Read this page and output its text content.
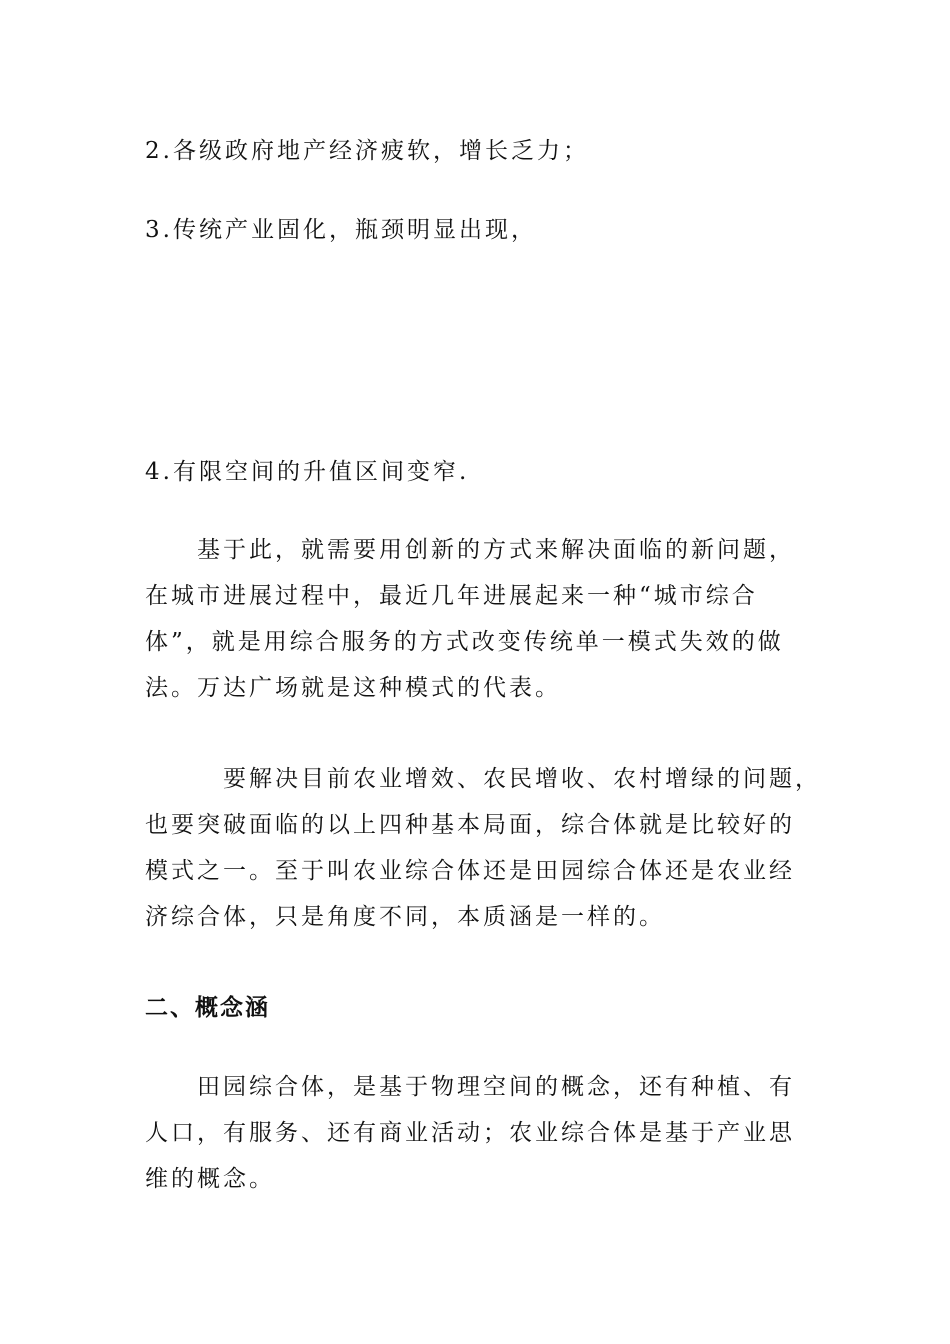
2.各级政府地产经济疲软，增长乏力；
3.传统产业固化，瓶颈明显出现，
4.有限空间的升值区间变窄.
基于此，就需要用创新的方式来解决面临的新问题，
在城市进展过程中，最近几年进展起来一种“城市综合
体”，就是用综合服务的方式改变传统单一模式失效的做
法。万达广场就是这种模式的代表。
要解决目前农业增效、农民增收、农村增绿的问题，
也要突破面临的以上四种基本局面，综合体就是比较好的
模式之一。至于叫农业综合体还是田园综合体还是农业经
济综合体，只是角度不同，本质涵是一样的。
二、概念涵
田园综合体，是基于物理空间的概念，还有种植、有
人口，有服务、还有商业活动；农业综合体是基于产业思
维的概念。
